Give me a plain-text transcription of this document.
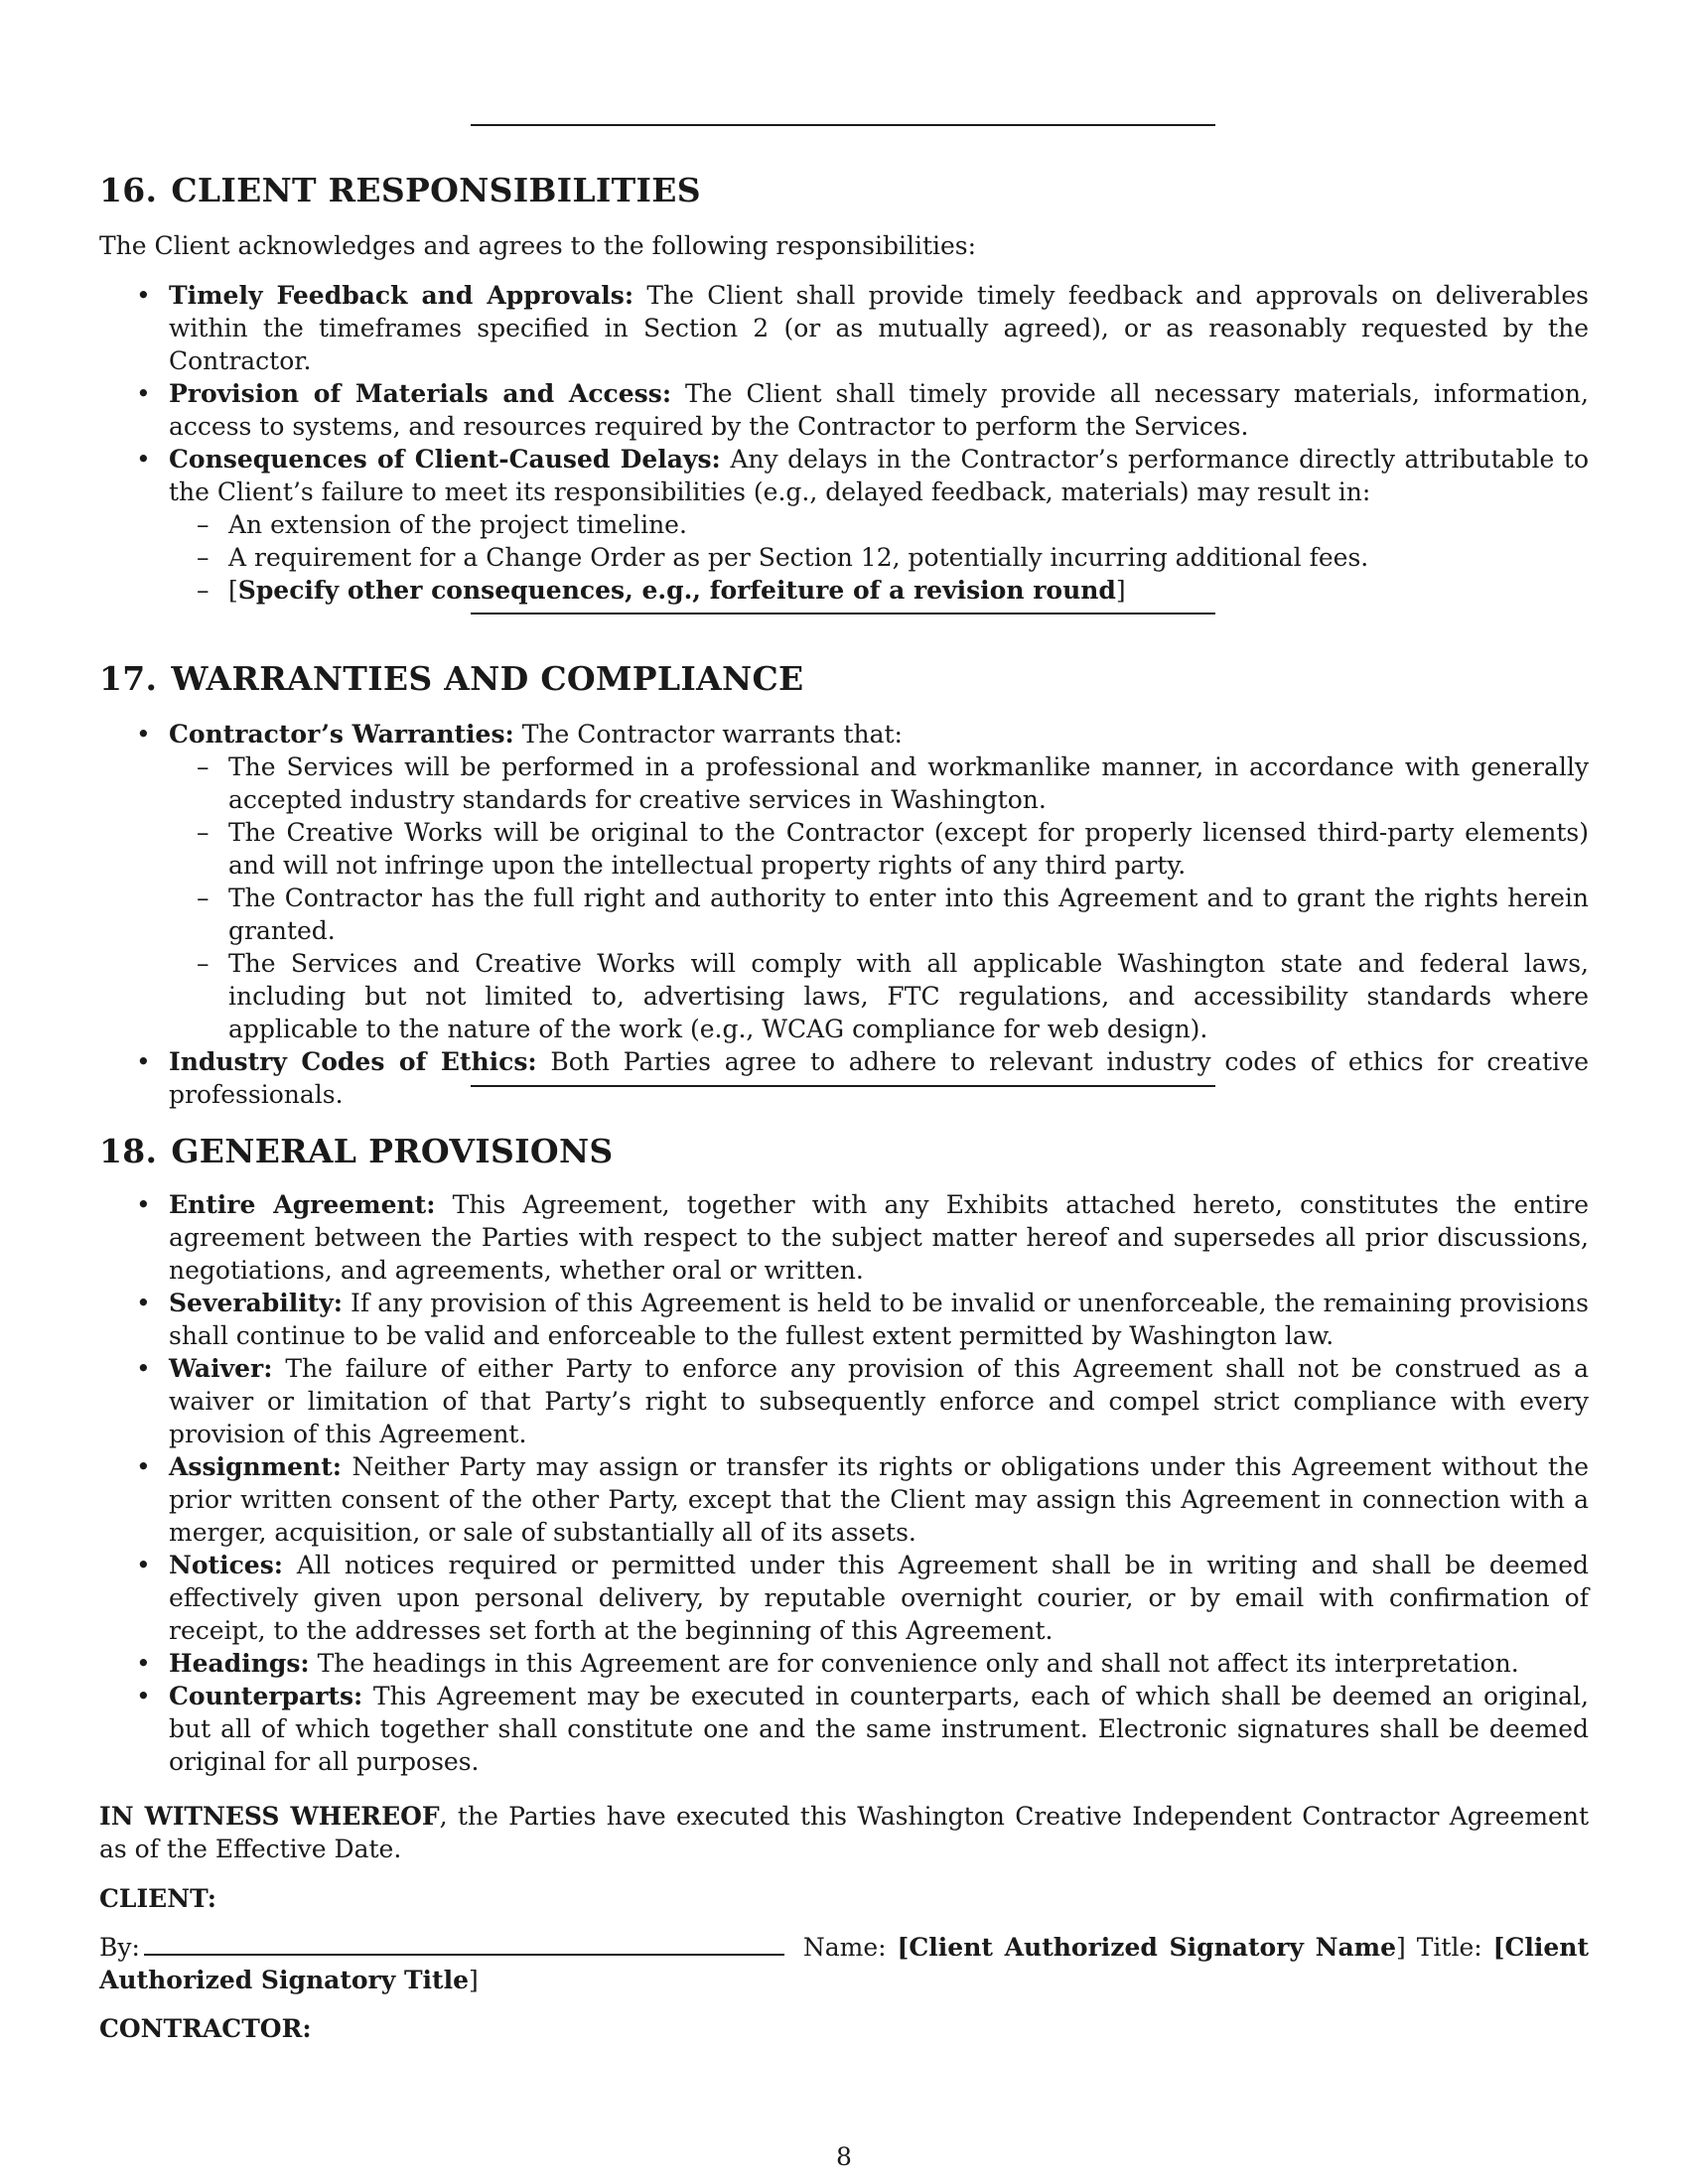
16. CLIENT RESPONSIBILITIES

The Client acknowledges and agrees to the following responsibilities:

• Timely Feedback and Approvals: The Client shall provide timely feedback and approvals on deliverables within the timeframes specified in Section 2 (or as mutually agreed), or as reasonably requested by the Contractor.
• Provision of Materials and Access: The Client shall timely provide all necessary materials, information, access to systems, and resources required by the Contractor to perform the Services.
• Consequences of Client-Caused Delays: Any delays in the Contractor’s performance directly attributable to the Client’s failure to meet its responsibilities (e.g., delayed feedback, materials) may result in:
– An extension of the project timeline.
– A requirement for a Change Order as per Section 12, potentially incurring additional fees.
– [Specify other consequences, e.g., forfeiture of a revision round]
17. WARRANTIES AND COMPLIANCE
• Contractor’s Warranties: The Contractor warrants that:
– The Services will be performed in a professional and workmanlike manner, in accordance with generally accepted industry standards for creative services in Washington.
– The Creative Works will be original to the Contractor (except for properly licensed third-party elements) and will not infringe upon the intellectual property rights of any third party.
– The Contractor has the full right and authority to enter into this Agreement and to grant the rights herein granted.
– The Services and Creative Works will comply with all applicable Washington state and federal laws, including but not limited to, advertising laws, FTC regulations, and accessibility standards where applicable to the nature of the work (e.g., WCAG compliance for web design).
• Industry Codes of Ethics: Both Parties agree to adhere to relevant industry codes of ethics for creative professionals.
18. GENERAL PROVISIONS
• Entire Agreement: This Agreement, together with any Exhibits attached hereto, constitutes the entire agreement between the Parties with respect to the subject matter hereof and supersedes all prior discussions, negotiations, and agreements, whether oral or written.
• Severability: If any provision of this Agreement is held to be invalid or unenforceable, the remaining provisions shall continue to be valid and enforceable to the fullest extent permitted by Washington law.
• Waiver: The failure of either Party to enforce any provision of this Agreement shall not be construed as a waiver or limitation of that Party’s right to subsequently enforce and compel strict compliance with every provision of this Agreement.
• Assignment: Neither Party may assign or transfer its rights or obligations under this Agreement without the prior written consent of the other Party, except that the Client may assign this Agreement in connection with a merger, acquisition, or sale of substantially all of its assets.
• Notices: All notices required or permitted under this Agreement shall be in writing and shall be deemed effectively given upon personal delivery, by reputable overnight courier, or by email with confirmation of receipt, to the addresses set forth at the beginning of this Agreement.
• Headings: The headings in this Agreement are for convenience only and shall not affect its interpretation.
• Counterparts: This Agreement may be executed in counterparts, each of which shall be deemed an original, but all of which together shall constitute one and the same instrument. Electronic signatures shall be deemed original for all purposes.

IN WITNESS WHEREOF, the Parties have executed this Washington Creative Independent Contractor Agreement as of the Effective Date.

CLIENT:

By:	Name: [Client Authorized Signatory Name] Title: [Client Authorized Signatory Title]

CONTRACTOR:

8
